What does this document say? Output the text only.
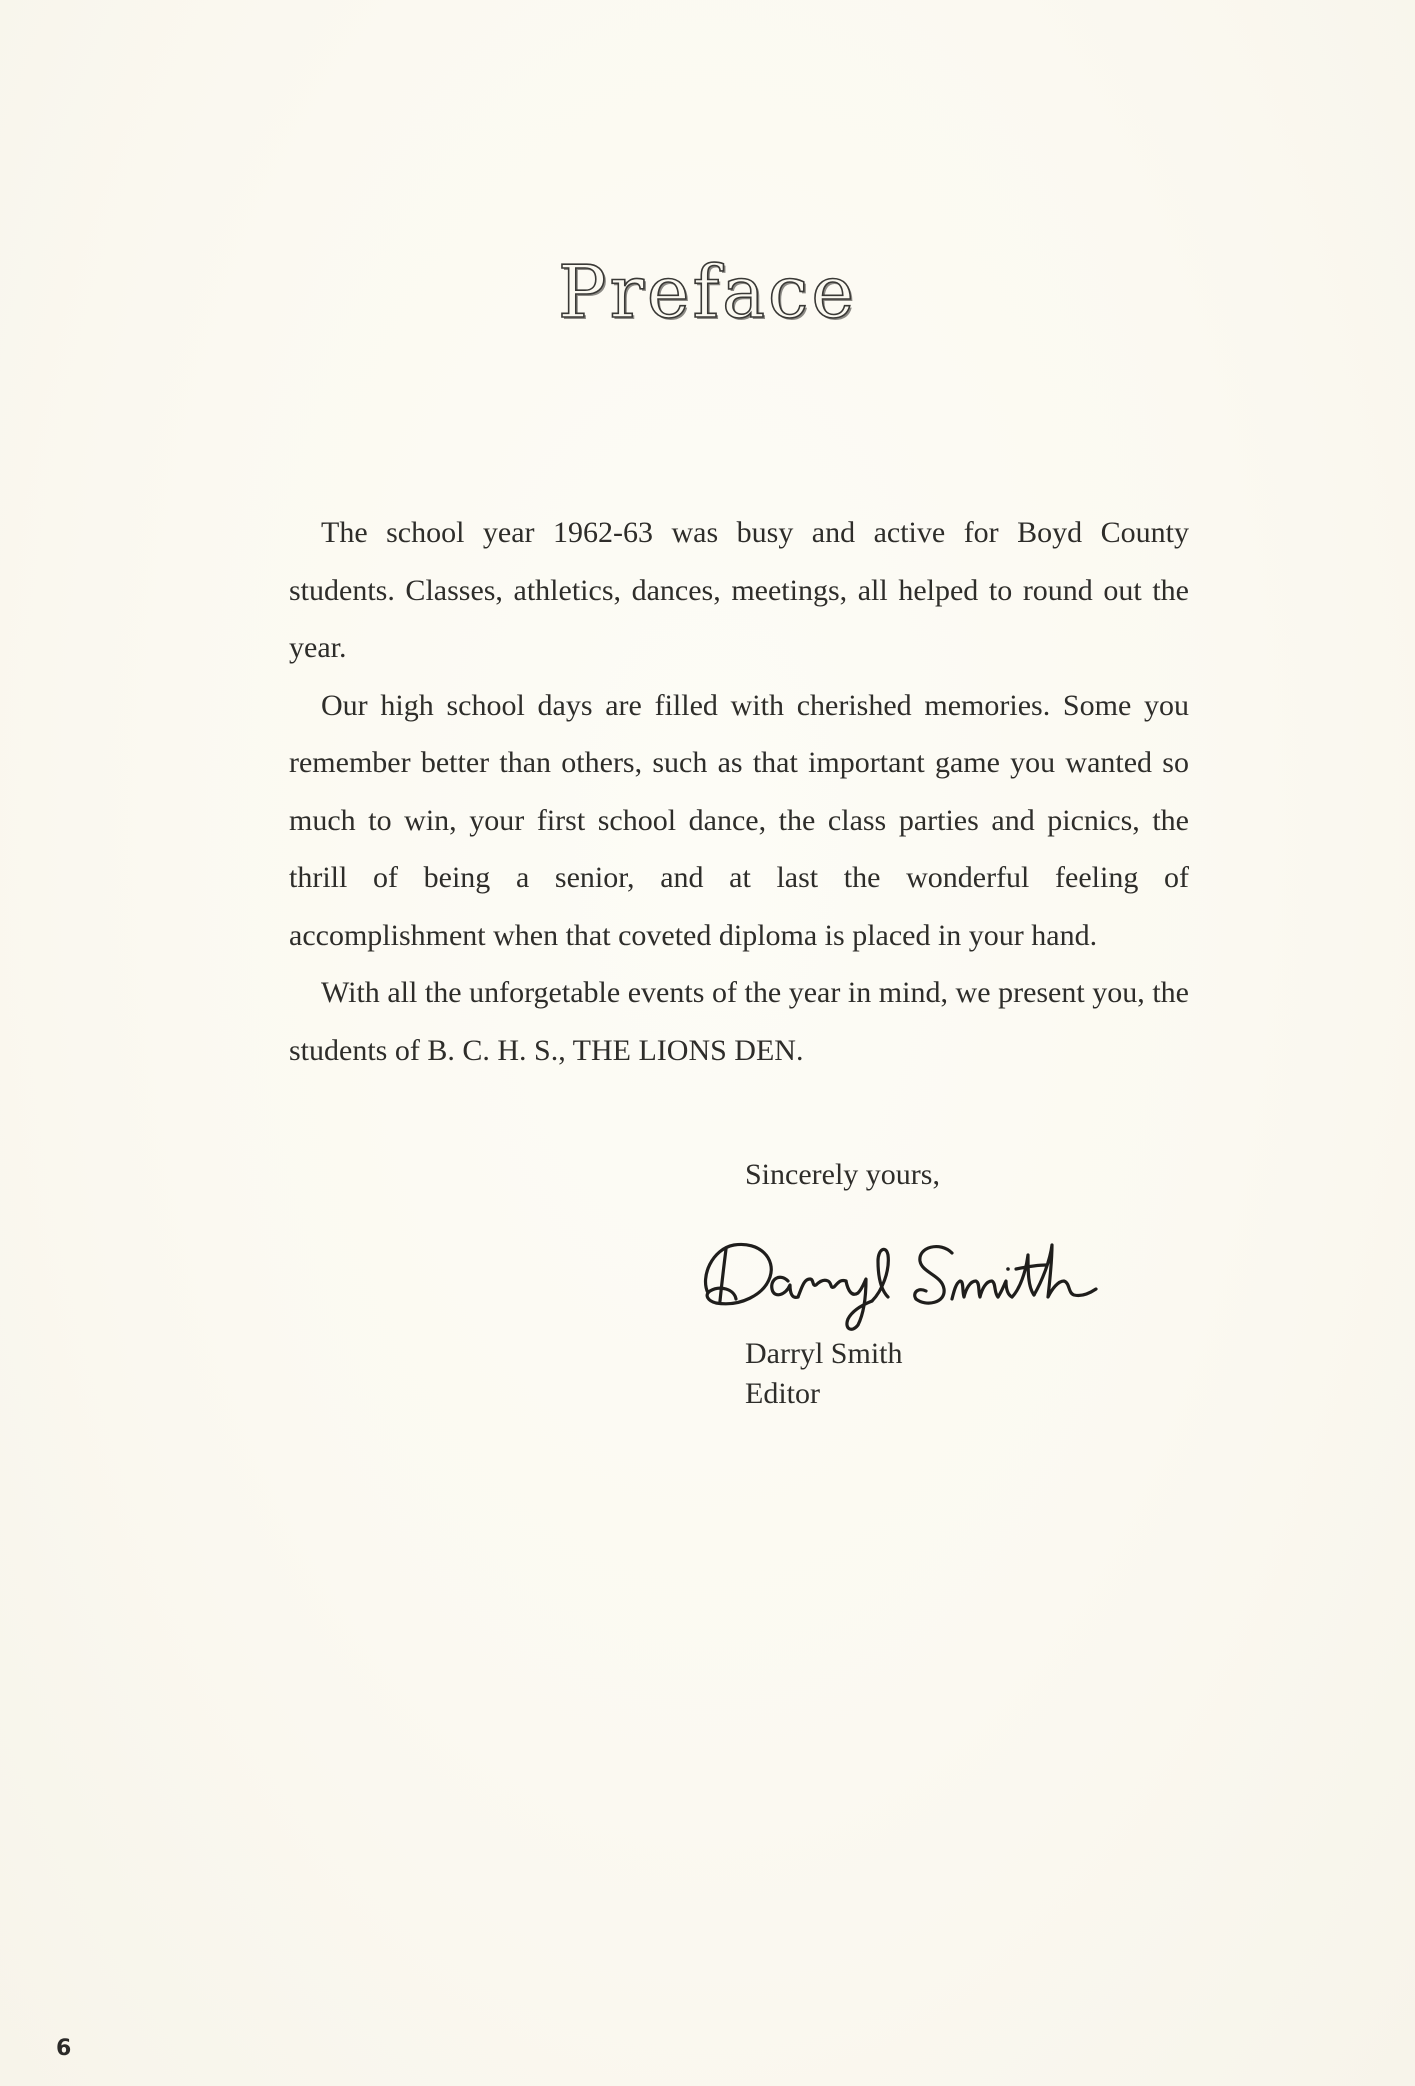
Preface

The school year 1962-63 was busy and active for Boyd County students. Classes, athletics, dances, meetings, all helped to round out the year.

Our high school days are filled with cherished memories. Some you remember better than others, such as that important game you wanted so much to win, your first school dance, the class parties and picnics, the thrill of being a senior, and at last the wonderful feeling of accomplishment when that coveted diploma is placed in your hand.

With all the unforgetable events of the year in mind, we present you, the students of B. C. H. S., THE LIONS DEN.

Sincerely yours,

Darryl Smith
Editor
6
